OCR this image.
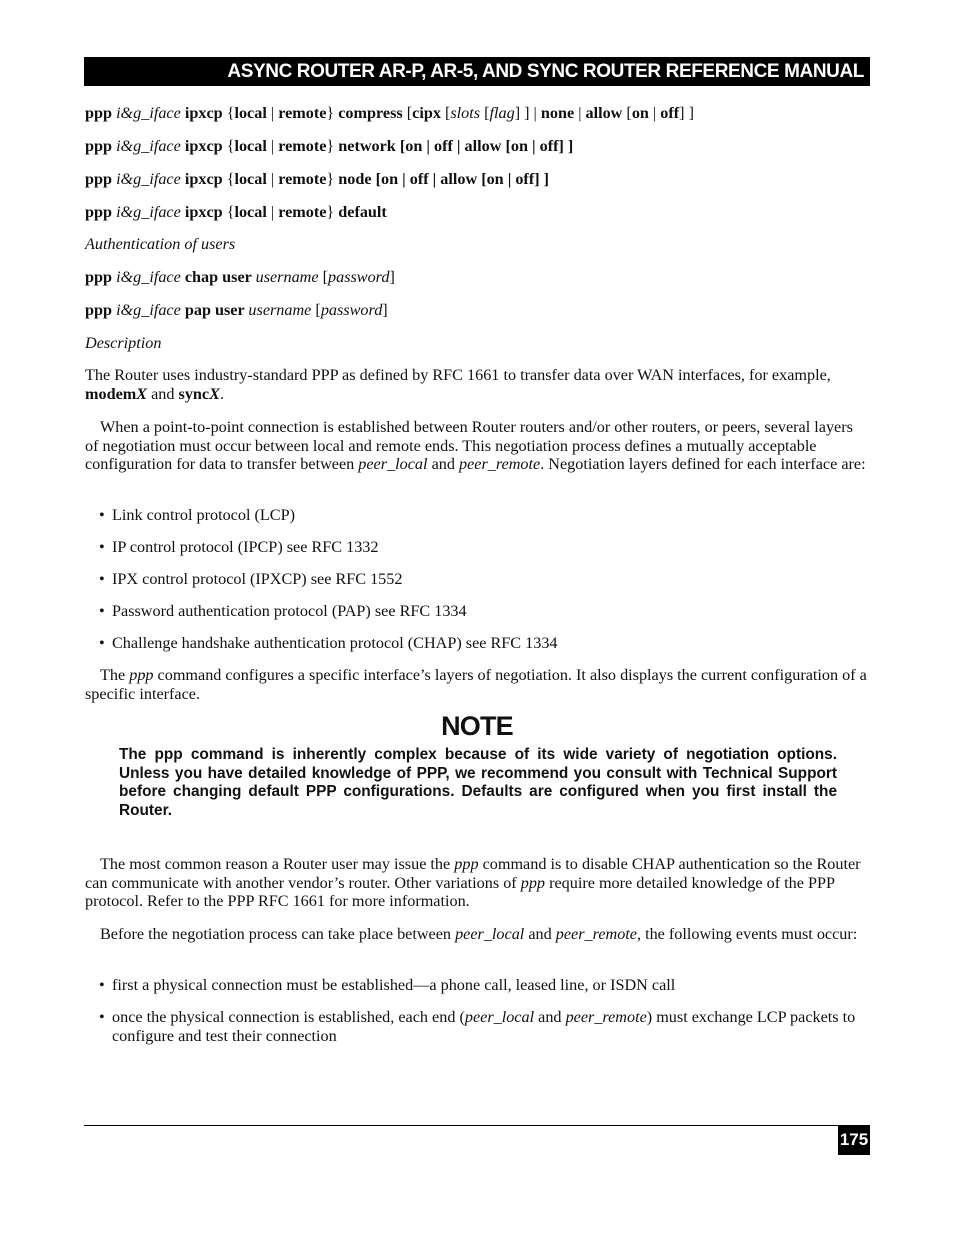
ASYNC ROUTER AR-P, AR-5, AND SYNC ROUTER REFERENCE MANUAL

ppp i&g_iface ipxcp {local | remote} compress [cipx [slots [flag] ] | none | allow [on | off] ]

ppp i&g_iface ipxcp {local | remote} network [on | off | allow [on | off] ]

ppp i&g_iface ipxcp {local | remote} node [on | off | allow [on | off] ]

ppp i&g_iface ipxcp {local | remote} default

Authentication of users

ppp i&g_iface chap user username [password]

ppp i&g_iface pap user username [password]

Description

The Router uses industry-standard PPP as defined by RFC 1661 to transfer data over WAN interfaces, for example, modemX and syncX.

When a point-to-point connection is established between Router routers and/or other routers, or peers, several layers of negotiation must occur between local and remote ends. This negotiation process defines a mutually acceptable configuration for data to transfer between peer_local and peer_remote. Negotiation layers defined for each interface are:

• Link control protocol (LCP)
• IP control protocol (IPCP) see RFC 1332
• IPX control protocol (IPXCP) see RFC 1552
• Password authentication protocol (PAP) see RFC 1334
• Challenge handshake authentication protocol (CHAP) see RFC 1334

The ppp command configures a specific interface’s layers of negotiation. It also displays the current configuration of a specific interface.

NOTE
The ppp command is inherently complex because of its wide variety of negotiation options. Unless you have detailed knowledge of PPP, we recommend you consult with Technical Support before changing default PPP configurations. Defaults are configured when you first install the Router.

The most common reason a Router user may issue the ppp command is to disable CHAP authentication so the Router can communicate with another vendor’s router. Other variations of ppp require more detailed knowledge of the PPP protocol. Refer to the PPP RFC 1661 for more information.

Before the negotiation process can take place between peer_local and peer_remote, the following events must occur:

• first a physical connection must be established—a phone call, leased line, or ISDN call
• once the physical connection is established, each end (peer_local and peer_remote) must exchange LCP packets to configure and test their connection
175
